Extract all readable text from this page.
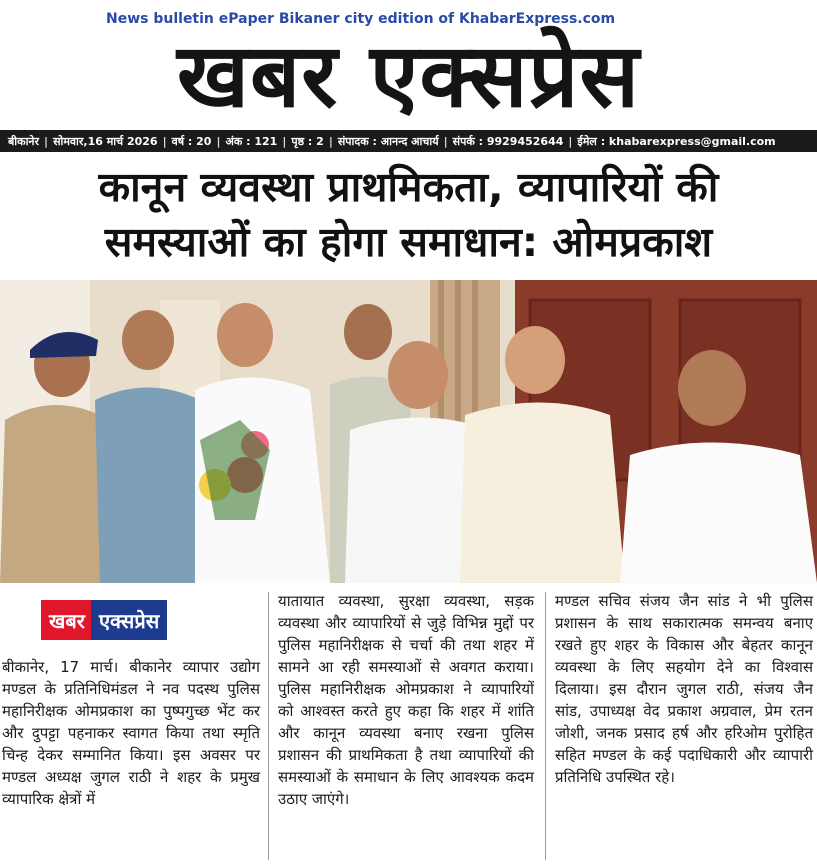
News bulletin ePaper Bikaner city edition of KhabarExpress.com
खबर एक्सप्रेस
बीकानेर | सोमवार,16 मार्च 2026 | वर्ष : 20 | अंक : 121 | पृष्ठ : 2 | संपादक : आनन्द आचार्य | संपर्क : 9929452644 | ईमेल : khabarexpress@gmail.com
कानून व्यवस्था प्राथमिकता, व्यापारियों की
समस्याओं का होगा समाधान: ओमप्रकाश
खबर एक्सप्रेस

बीकानेर, 17 मार्च। बीकानेर व्यापार उद्योग मण्डल के प्रतिनिधिमंडल ने नव पदस्थ पुलिस महानिरीक्षक ओमप्रकाश का पुष्पगुच्छ भेंट कर और दुपट्टा पहनाकर स्वागत किया तथा स्मृति चिन्ह देकर सम्मानित किया। इस अवसर पर मण्डल अध्यक्ष जुगल राठी ने शहर के प्रमुख व्यापारिक क्षेत्रों में

यातायात व्यवस्था, सुरक्षा व्यवस्था, सड़क व्यवस्था और व्यापारियों से जुड़े विभिन्न मुद्दों पर पुलिस महानिरीक्षक से चर्चा की तथा शहर में सामने आ रही समस्याओं से अवगत कराया। पुलिस महानिरीक्षक ओमप्रकाश ने व्यापारियों को आश्वस्त करते हुए कहा कि शहर में शांति और कानून व्यवस्था बनाए रखना पुलिस प्रशासन की प्राथमिकता है तथा व्यापारियों की समस्याओं के समाधान के लिए आवश्यक कदम उठाए जाएंगे।

मण्डल सचिव संजय जैन सांड ने भी पुलिस प्रशासन के साथ सकारात्मक समन्वय बनाए रखते हुए शहर के विकास और बेहतर कानून व्यवस्था के लिए सहयोग देने का विश्वास दिलाया। इस दौरान जुगल राठी, संजय जैन सांड, उपाध्यक्ष वेद प्रकाश अग्रवाल, प्रेम रतन जोशी, जनक प्रसाद हर्ष और हरिओम पुरोहित सहित मण्डल के कई पदाधिकारी और व्यापारी प्रतिनिधि उपस्थित रहे।
